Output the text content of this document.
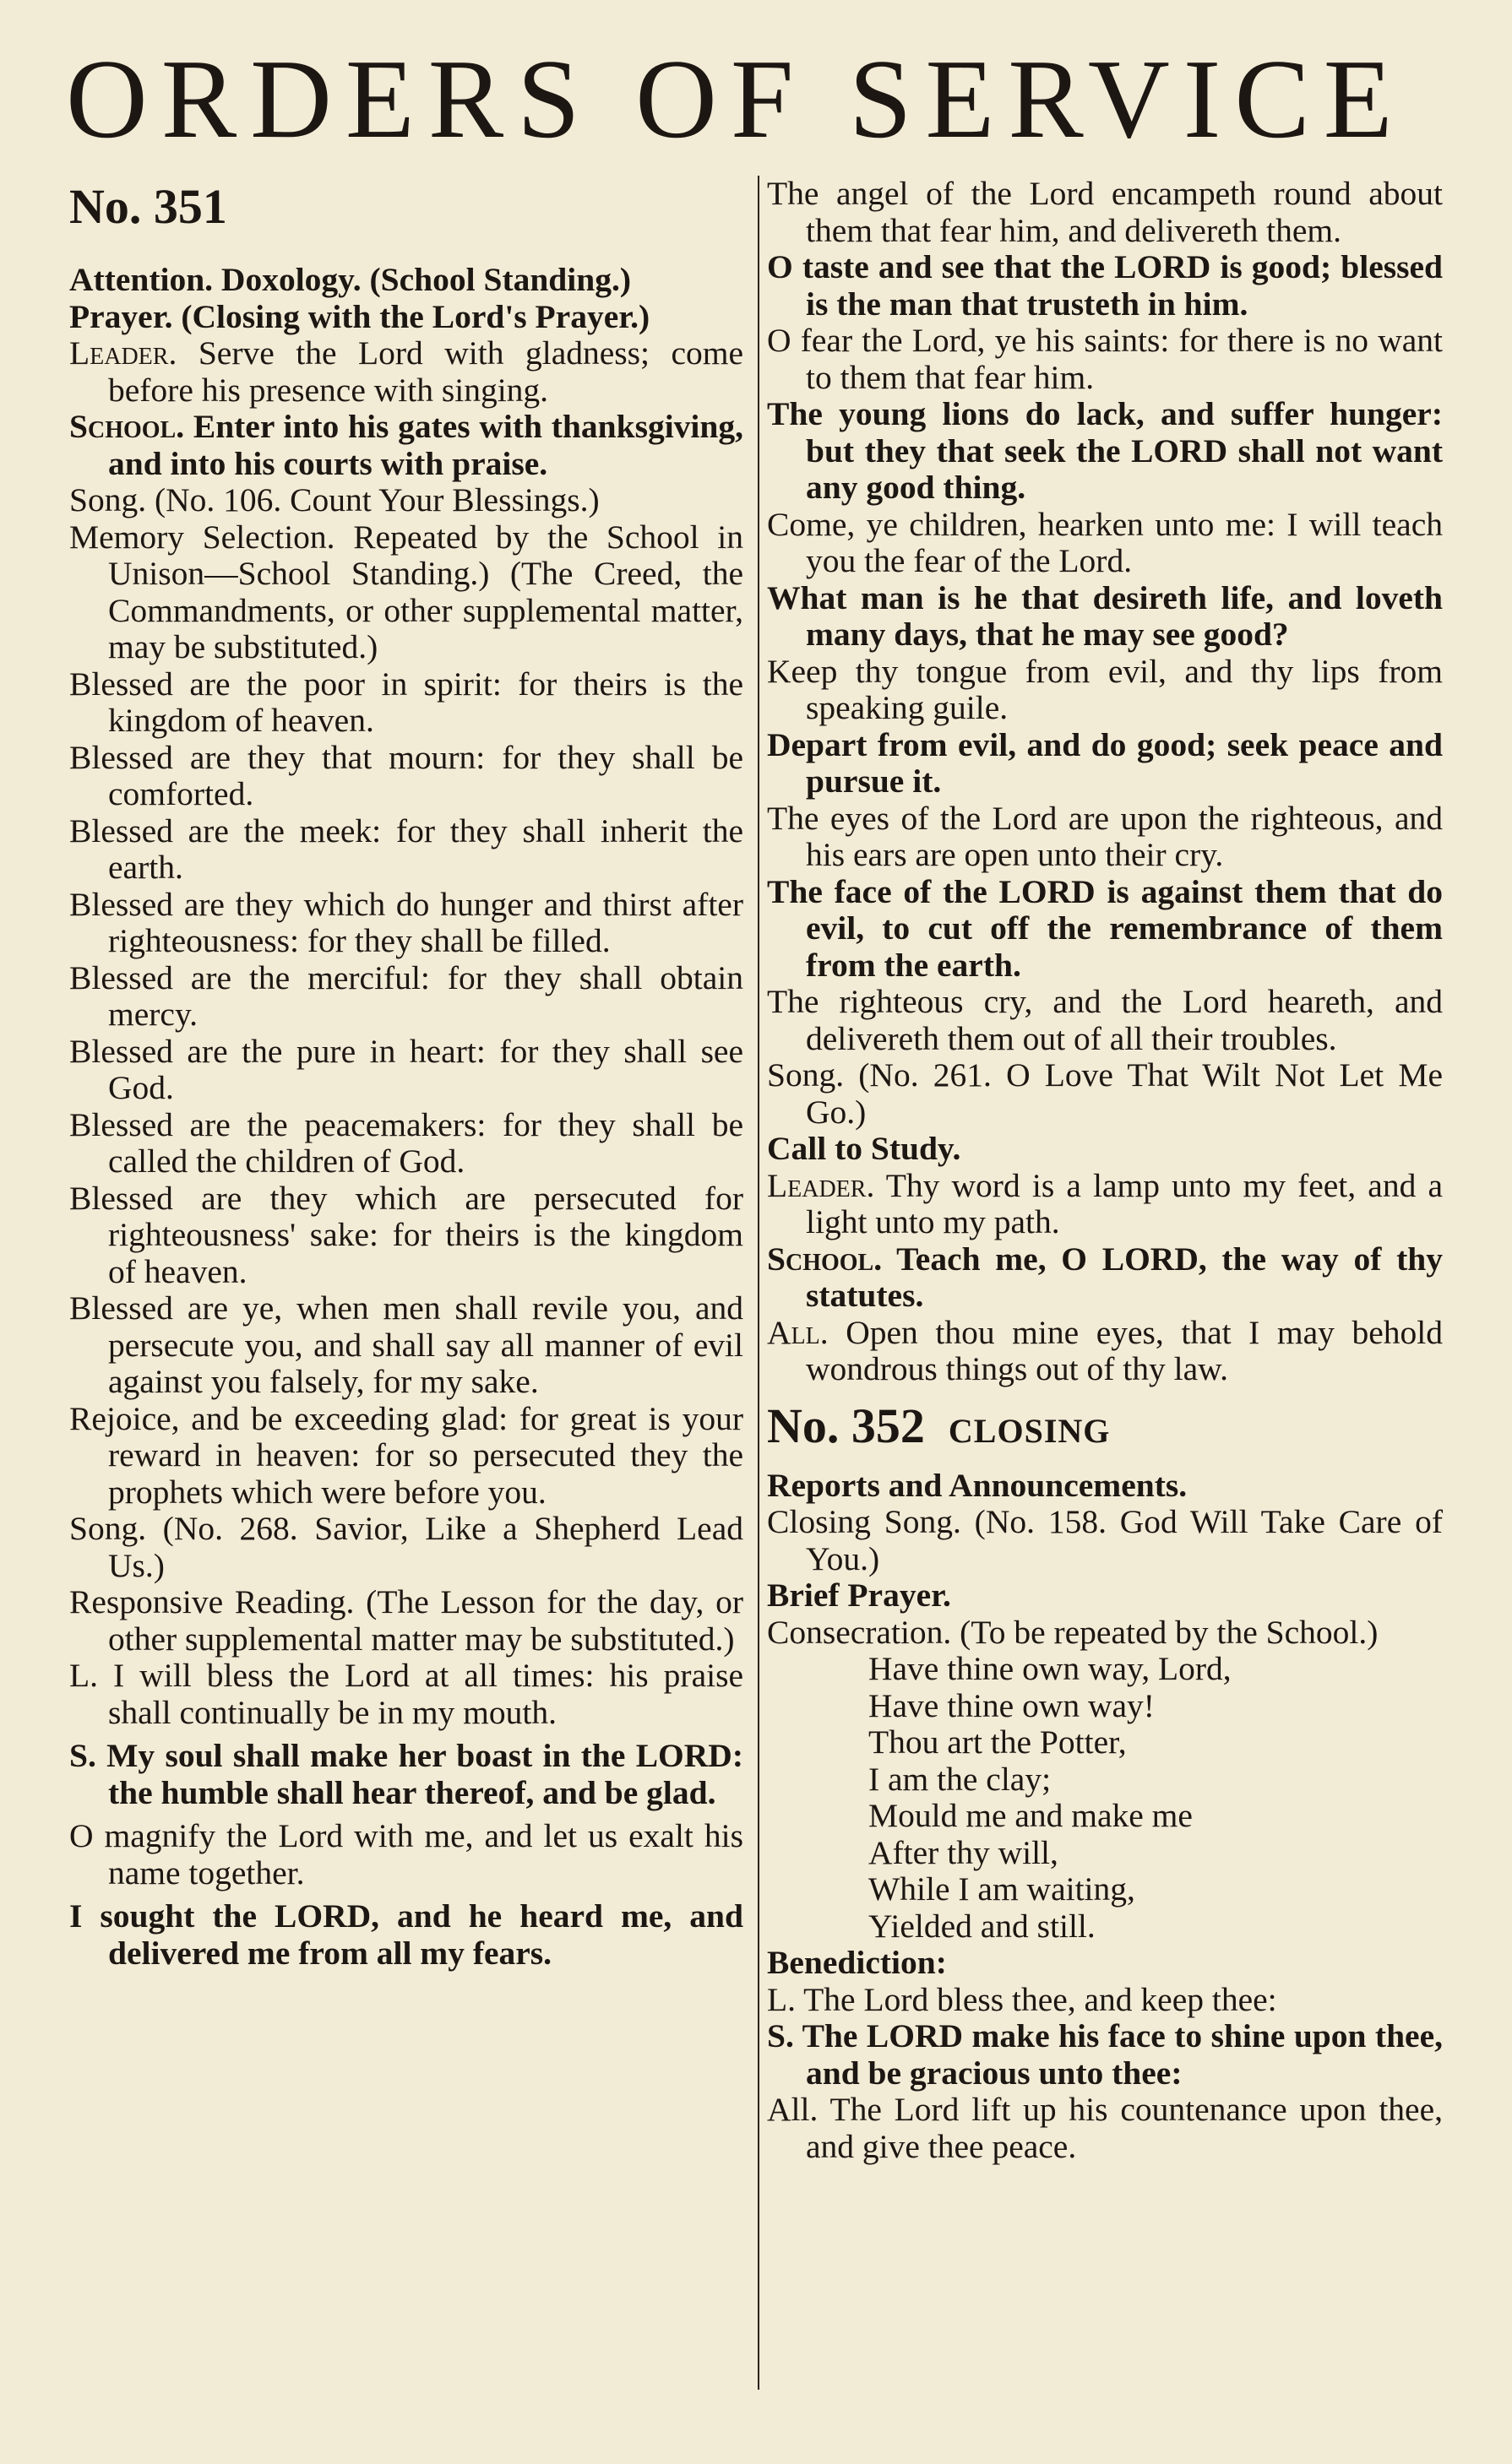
ORDERS OF SERVICE
No. 351

Attention. Doxology. (School Standing.)

Prayer. (Closing with the Lord's Prayer.)

Leader. Serve the Lord with gladness; come before his presence with singing.

School. Enter into his gates with thanksgiving, and into his courts with praise.

Song. (No. 106. Count Your Blessings.)

Memory Selection. Repeated by the School in Unison—School Standing.) (The Creed, the Commandments, or other supplemental matter, may be substituted.)

Blessed are the poor in spirit: for theirs is the kingdom of heaven.

Blessed are they that mourn: for they shall be comforted.

Blessed are the meek: for they shall inherit the earth.

Blessed are they which do hunger and thirst after righteousness: for they shall be filled.

Blessed are the merciful: for they shall obtain mercy.

Blessed are the pure in heart: for they shall see God.

Blessed are the peacemakers: for they shall be called the children of God.

Blessed are they which are persecuted for righteousness' sake: for theirs is the kingdom of heaven.

Blessed are ye, when men shall revile you, and persecute you, and shall say all manner of evil against you falsely, for my sake.

Rejoice, and be exceeding glad: for great is your reward in heaven: for so persecuted they the prophets which were before you.

Song. (No. 268. Savior, Like a Shepherd Lead Us.)

Responsive Reading. (The Lesson for the day, or other supplemental matter may be substituted.)

L. I will bless the Lord at all times: his praise shall continually be in my mouth.

S. My soul shall make her boast in the LORD: the humble shall hear thereof, and be glad.

O magnify the Lord with me, and let us exalt his name together.

I sought the LORD, and he heard me, and delivered me from all my fears.

The angel of the Lord encampeth round about them that fear him, and delivereth them.

O taste and see that the LORD is good; blessed is the man that trusteth in him.

O fear the Lord, ye his saints: for there is no want to them that fear him.

The young lions do lack, and suffer hunger: but they that seek the LORD shall not want any good thing.

Come, ye children, hearken unto me: I will teach you the fear of the Lord.

What man is he that desireth life, and loveth many days, that he may see good?

Keep thy tongue from evil, and thy lips from speaking guile.

Depart from evil, and do good; seek peace and pursue it.

The eyes of the Lord are upon the righteous, and his ears are open unto their cry.

The face of the LORD is against them that do evil, to cut off the remembrance of them from the earth.

The righteous cry, and the Lord heareth, and delivereth them out of all their troubles.

Song. (No. 261. O Love That Wilt Not Let Me Go.)

Call to Study.

Leader. Thy word is a lamp unto my feet, and a light unto my path.

School. Teach me, O LORD, the way of thy statutes.

All. Open thou mine eyes, that I may behold wondrous things out of thy law.

No. 352 CLOSING

Reports and Announcements.

Closing Song. (No. 158. God Will Take Care of You.)

Brief Prayer.

Consecration. (To be repeated by the School.)

Have thine own way, Lord,
Have thine own way!
Thou art the Potter,
I am the clay;
Mould me and make me
After thy will,
While I am waiting,
Yielded and still.

Benediction:

L. The Lord bless thee, and keep thee:

S. The LORD make his face to shine upon thee, and be gracious unto thee:

All. The Lord lift up his countenance upon thee, and give thee peace.
